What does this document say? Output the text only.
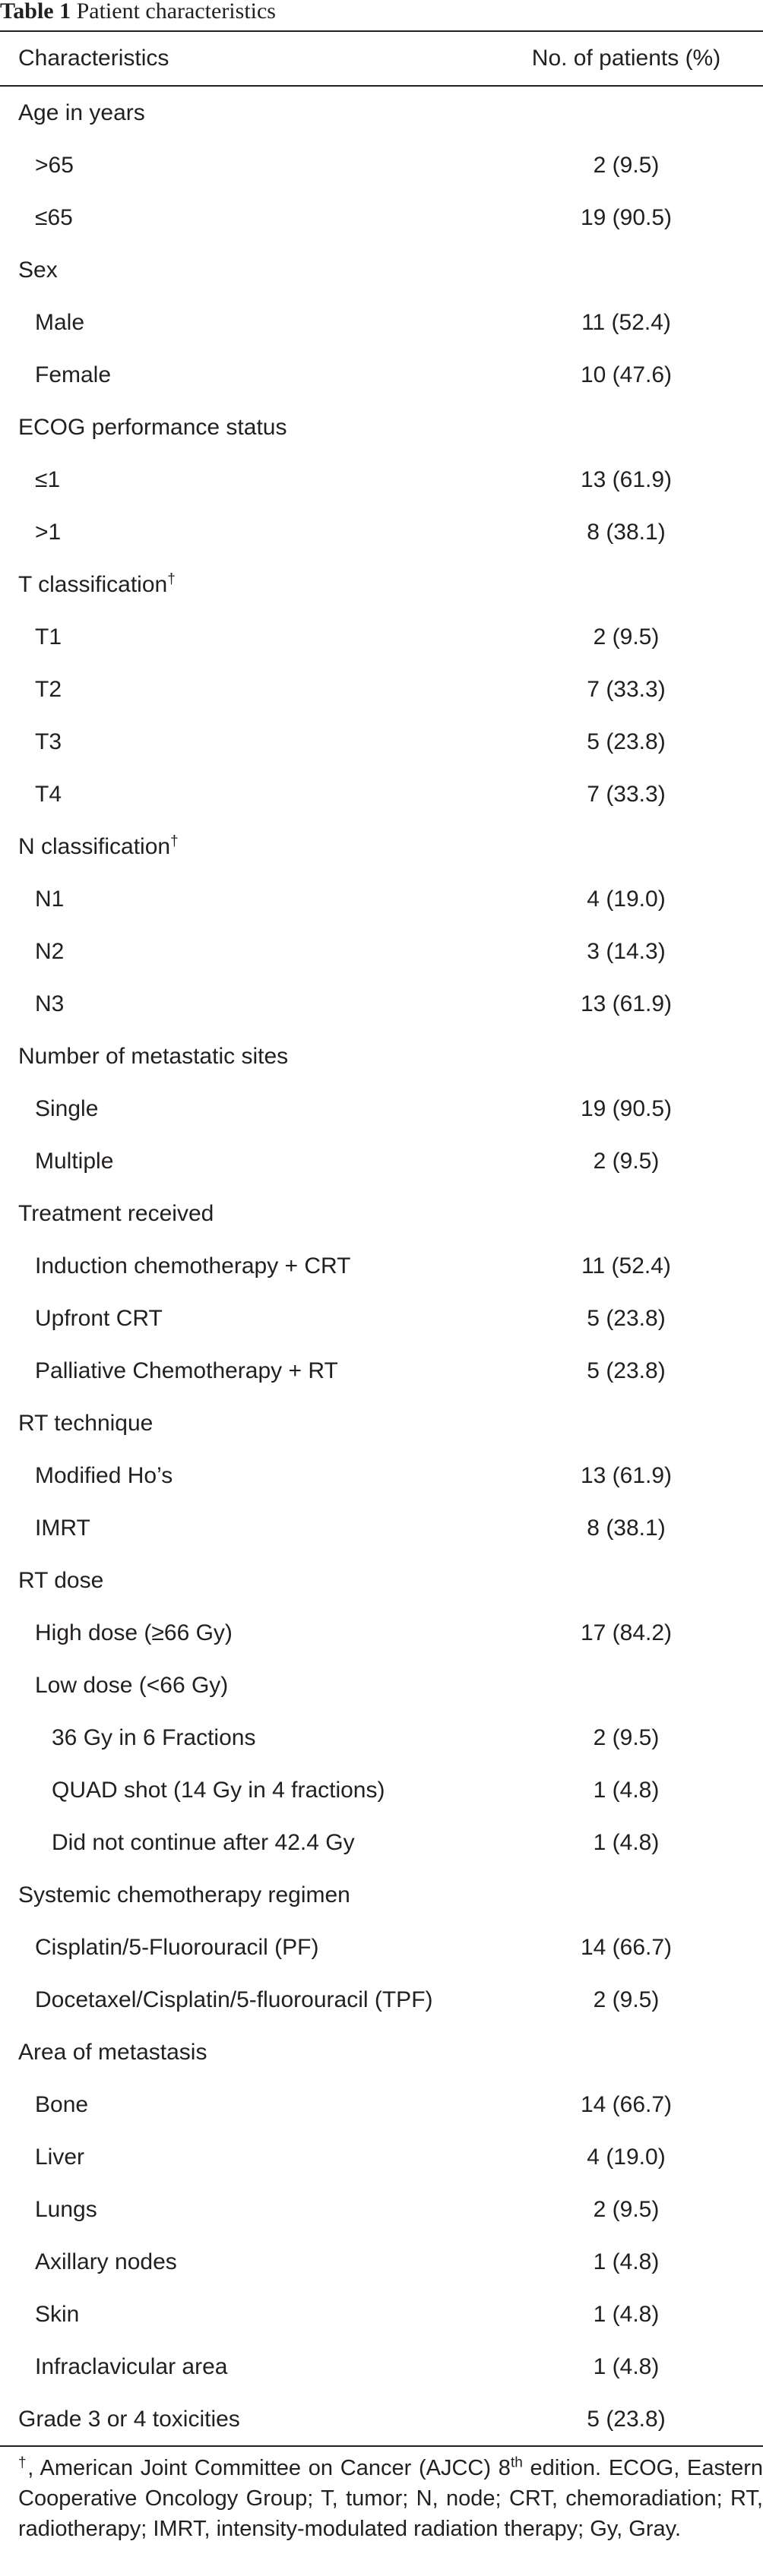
Table 1 Patient characteristics
Characteristics	No. of patients (%)
Age in years
>65	2 (9.5)
≤65	19 (90.5)
Sex
Male	11 (52.4)
Female	10 (47.6)
ECOG performance status
≤1	13 (61.9)
>1	8 (38.1)
T classification†
T1	2 (9.5)
T2	7 (33.3)
T3	5 (23.8)
T4	7 (33.3)
N classification†
N1	4 (19.0)
N2	3 (14.3)
N3	13 (61.9)
Number of metastatic sites
Single	19 (90.5)
Multiple	2 (9.5)
Treatment received
Induction chemotherapy + CRT	11 (52.4)
Upfront CRT	5 (23.8)
Palliative Chemotherapy + RT	5 (23.8)
RT technique
Modified Ho’s	13 (61.9)
IMRT	8 (38.1)
RT dose
High dose (≥66 Gy)	17 (84.2)
Low dose (<66 Gy)
36 Gy in 6 Fractions	2 (9.5)
QUAD shot (14 Gy in 4 fractions)	1 (4.8)
Did not continue after 42.4 Gy	1 (4.8)
Systemic chemotherapy regimen
Cisplatin/5-Fluorouracil (PF)	14 (66.7)
Docetaxel/Cisplatin/5-fluorouracil (TPF)	2 (9.5)
Area of metastasis
Bone	14 (66.7)
Liver	4 (19.0)
Lungs	2 (9.5)
Axillary nodes	1 (4.8)
Skin	1 (4.8)
Infraclavicular area	1 (4.8)
Grade 3 or 4 toxicities	5 (23.8)
†, American Joint Committee on Cancer (AJCC) 8th edition. ECOG, Eastern Cooperative Oncology Group; T, tumor; N, node; CRT, chemoradiation; RT, radiotherapy; IMRT, intensity-modulated radiation therapy; Gy, Gray.
